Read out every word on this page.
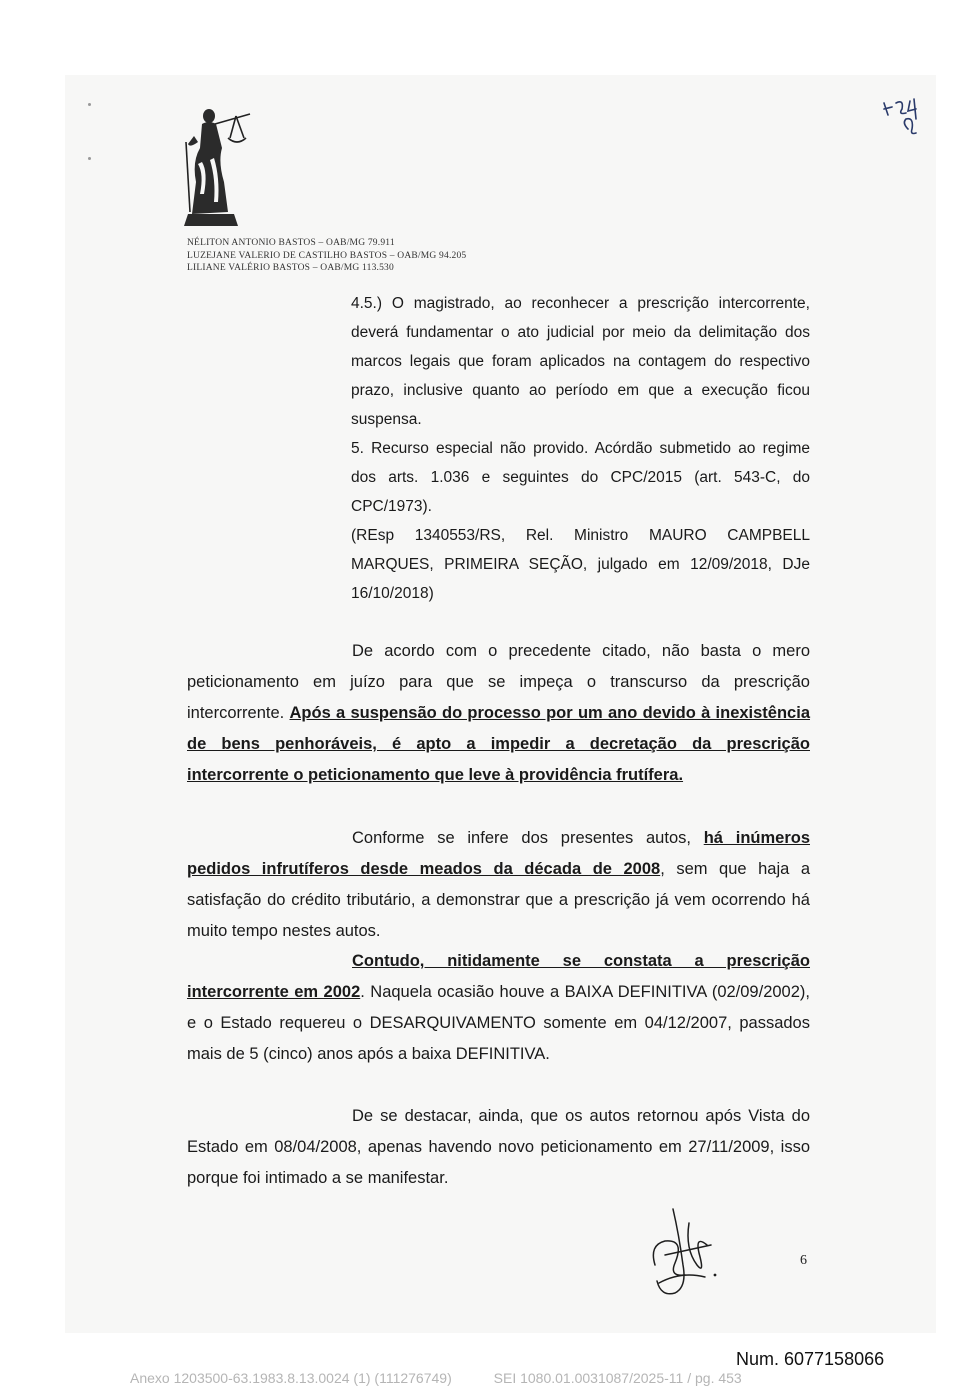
NÉLITON ANTONIO BASTOS – OAB/MG 79.911
LUZEJANE VALERIO DE CASTILHO BASTOS – OAB/MG 94.205
LILIANE VALÉRIO BASTOS – OAB/MG 113.530

4.5.) O magistrado, ao reconhecer a prescrição intercorrente, deverá fundamentar o ato judicial por meio da delimitação dos marcos legais que foram aplicados na contagem do respectivo prazo, inclusive quanto ao período em que a execução ficou suspensa.

5. Recurso especial não provido. Acórdão submetido ao regime dos arts. 1.036 e seguintes do CPC/2015 (art. 543-C, do CPC/1973).

(REsp 1340553/RS, Rel. Ministro MAURO CAMPBELL MARQUES, PRIMEIRA SEÇÃO, julgado em 12/09/2018, DJe 16/10/2018)

De acordo com o precedente citado, não basta o mero peticionamento em juízo para que se impeça o transcurso da prescrição intercorrente. Após a suspensão do processo por um ano devido à inexistência de bens penhoráveis, é apto a impedir a decretação da prescrição intercorrente o peticionamento que leve à providência frutífera.

Conforme se infere dos presentes autos, há inúmeros pedidos infrutíferos desde meados da década de 2008, sem que haja a satisfação do crédito tributário, a demonstrar que a prescrição já vem ocorrendo há muito tempo nestes autos.

Contudo, nitidamente se constata a prescrição intercorrente em 2002. Naquela ocasião houve a BAIXA DEFINITIVA (02/09/2002), e o Estado requereu o DESARQUIVAMENTO somente em 04/12/2007, passados mais de 5 (cinco) anos após a baixa DEFINITIVA.

De se destacar, ainda, que os autos retornou após Vista do Estado em 08/04/2008, apenas havendo novo peticionamento em 27/11/2009, isso porque foi intimado a se manifestar.

6
Num. 6077158066
Anexo 1203500-63.1983.8.13.0024 (1) (111276749)	SEI 1080.01.0031087/2025-11 / pg. 453
